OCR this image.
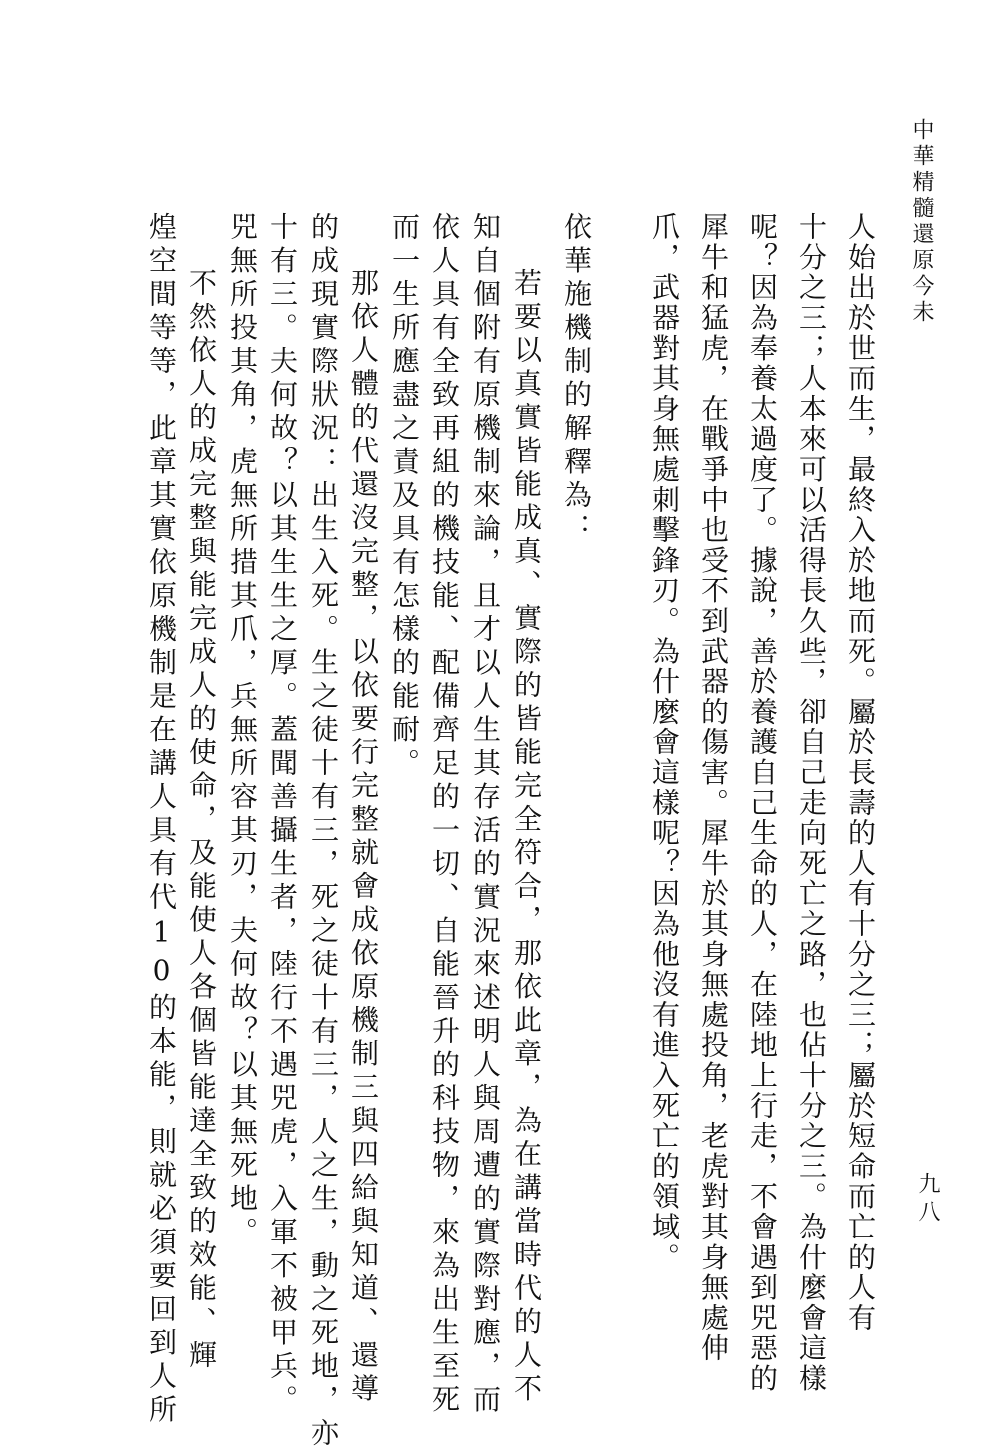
中華精髓還原今未
人始出於世而生，最終入於地而死。屬於長壽的人有十分之三；屬於短命而亡的人有
十分之三；人本來可以活得長久些，卻自己走向死亡之路，也佔十分之三。為什麼會這樣
呢？因為奉養太過度了。據說，善於養護自己生命的人，在陸地上行走，不會遇到兕惡的
犀牛和猛虎，在戰爭中也受不到武器的傷害。犀牛於其身無處投角，老虎對其身無處伸
爪，武器對其身無處刺擊鋒刃。為什麼會這樣呢？因為他沒有進入死亡的領域。
依華施機制的解釋為：
若要以真實皆能成真、實際的皆能完全符合，那依此章，為在講當時代的人不
知自個附有原機制來論，且才以人生其存活的實況來述明人與周遭的實際對應，而
依人具有全致再組的機技能、配備齊足的一切、自能晉升的科技物，來為出生至死
而一生所應盡之責及具有怎樣的能耐。
那依人體的代還沒完整，以依要行完整就會成依原機制三與四給與知道、還導
的成現實際狀況：出生入死。生之徒十有三，死之徒十有三，人之生，動之死地，亦
十有三。夫何故？以其生生之厚。蓋聞善攝生者，陸行不遇兕虎，入軍不被甲兵。
兕無所投其角，虎無所措其爪，兵無所容其刃，夫何故？以其無死地。
不然依人的成完整與能完成人的使命，及能使人各個皆能達全致的效能、輝
煌空間等等，此章其實依原機制是在講人具有代10的本能，則就必須要回到人所	九八
